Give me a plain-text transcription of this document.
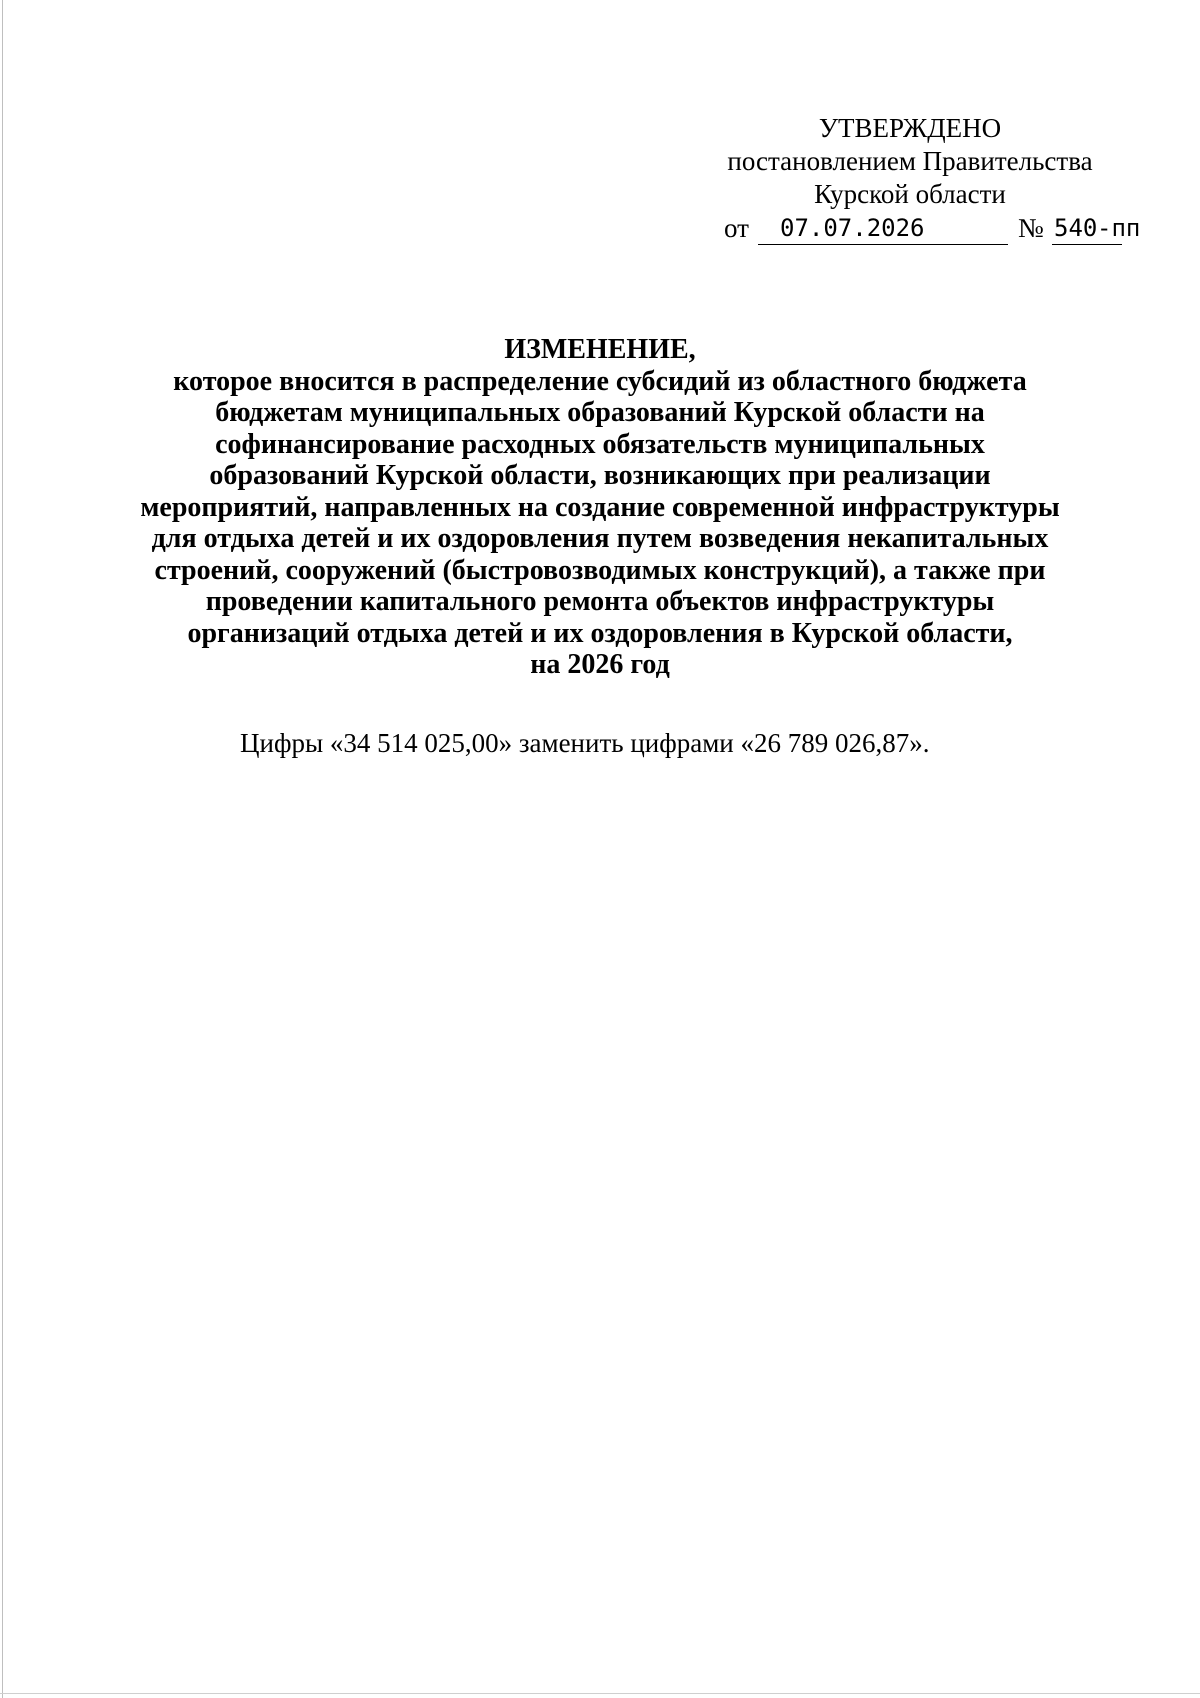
УТВЕРЖДЕНО
постановлением Правительства
Курской области
от	07.07.2026	№ 540 -пп
ИЗМЕНЕНИЕ,
которое вносится в распределение субсидий из областного бюджета
бюджетам муниципальных образований Курской области на
софинансирование расходных обязательств муниципальных
образований Курской области, возникающих при реализации
мероприятий, направленных на создание современной инфраструктуры
для отдыха детей и их оздоровления путем возведения некапитальных
строений, сооружений (быстровозводимых конструкций), а также при
проведении капитального ремонта объектов инфраструктуры
организаций отдыха детей и их оздоровления в Курской области,
на 2026 год
Цифры «34 514 025,00» заменить цифрами «26 789 026,87».
